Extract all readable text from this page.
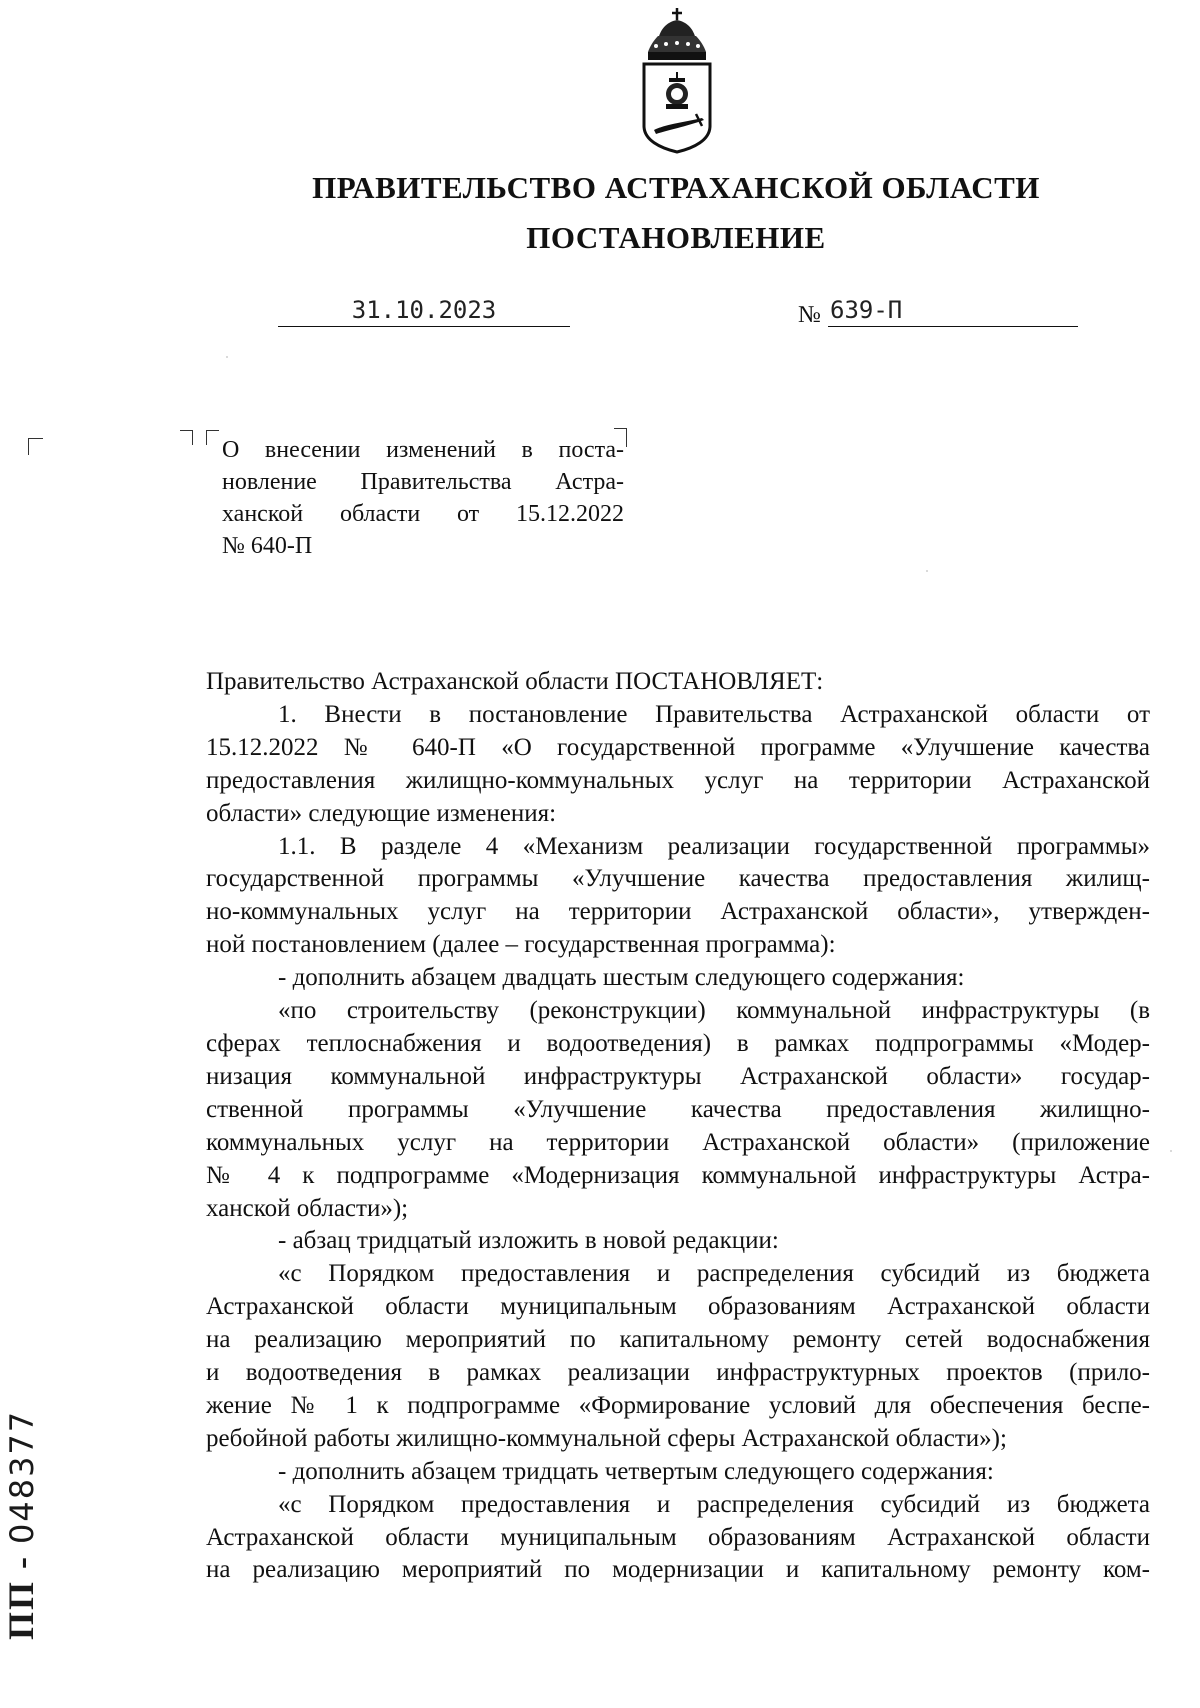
ПРАВИТЕЛЬСТВО АСТРАХАНСКОЙ ОБЛАСТИ
ПОСТАНОВЛЕНИЕ
31.10.2023	№ 639-П

О внесении изменений в поста-

новление Правительства Астра-

ханской области от 15.12.2022

№ 640-П

Правительство Астраханской области ПОСТАНОВЛЯЕТ:

1. Внести в постановление Правительства Астраханской области от

15.12.2022 № 640-П «О государственной программе «Улучшение качества

предоставления жилищно-коммунальных услуг на территории Астраханской

области» следующие изменения:

1.1. В разделе 4 «Механизм реализации государственной программы»

государственной программы «Улучшение качества предоставления жилищ-

но-коммунальных услуг на территории Астраханской области», утвержден-

ной постановлением (далее – государственная программа):

- дополнить абзацем двадцать шестым следующего содержания:

«по строительству (реконструкции) коммунальной инфраструктуры (в

сферах теплоснабжения и водоотведения) в рамках подпрограммы «Модер-

низация коммунальной инфраструктуры Астраханской области» государ-

ственной программы «Улучшение качества предоставления жилищно-

коммунальных услуг на территории Астраханской области» (приложение

№ 4 к подпрограмме «Модернизация коммунальной инфраструктуры Астра-

ханской области»);

- абзац тридцатый изложить в новой редакции:

«с Порядком предоставления и распределения субсидий из бюджета

Астраханской области муниципальным образованиям Астраханской области

на реализацию мероприятий по капитальному ремонту сетей водоснабжения

и водоотведения в рамках реализации инфраструктурных проектов (прило-

жение № 1 к подпрограмме «Формирование условий для обеспечения беспе-

ребойной работы жилищно-коммунальной сферы Астраханской области»);

- дополнить абзацем тридцать четвертым следующего содержания:

«с Порядком предоставления и распределения субсидий из бюджета

Астраханской области муниципальным образованиям Астраханской области

на реализацию мероприятий по модернизации и капитальному ремонту ком-

ПП - 048377
